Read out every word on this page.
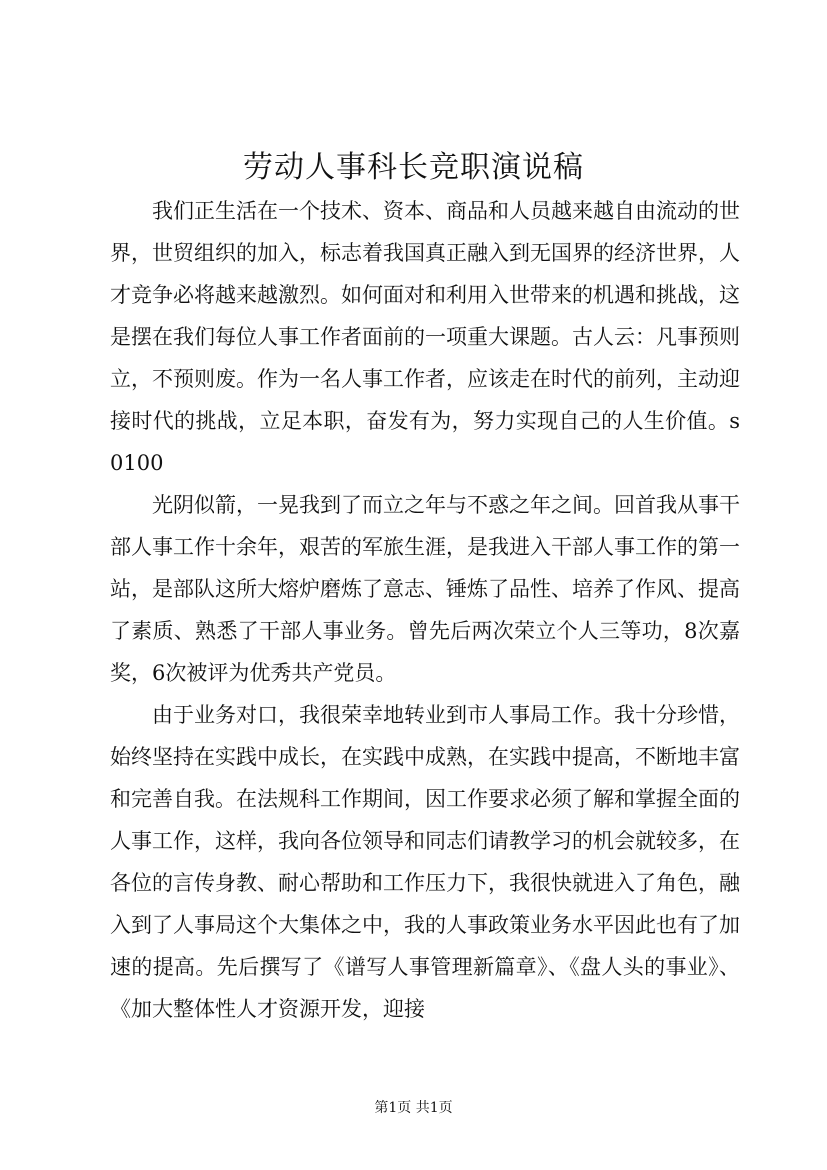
劳动人事科长竞职演说稿

我们正生活在一个技术、资本、商品和人员越来越自由流动的世界，世贸组织的加入，标志着我国真正融入到无国界的经济世界，人才竞争必将越来越激烈。如何面对和利用入世带来的机遇和挑战，这是摆在我们每位人事工作者面前的一项重大课题。古人云：凡事预则立，不预则废。作为一名人事工作者，应该走在时代的前列，主动迎接时代的挑战，立足本职，奋发有为，努力实现自己的人生价值。s0100

光阴似箭，一晃我到了而立之年与不惑之年之间。回首我从事干部人事工作十余年，艰苦的军旅生涯，是我进入干部人事工作的第一站，是部队这所大熔炉磨炼了意志、锤炼了品性、培养了作风、提高了素质、熟悉了干部人事业务。曾先后两次荣立个人三等功，8次嘉奖，6次被评为优秀共产党员。

由于业务对口，我很荣幸地转业到市人事局工作。我十分珍惜，始终坚持在实践中成长，在实践中成熟，在实践中提高，不断地丰富和完善自我。在法规科工作期间，因工作要求必须了解和掌握全面的人事工作，这样，我向各位领导和同志们请教学习的机会就较多，在各位的言传身教、耐心帮助和工作压力下，我很快就进入了角色，融入到了人事局这个大集体之中，我的人事政策业务水平因此也有了加速的提高。先后撰写了《谱写人事管理新篇章》、《盘人头的事业》、《加大整体性人才资源开发，迎接

第1页 共1页
